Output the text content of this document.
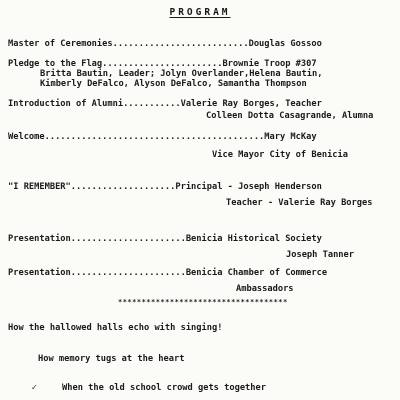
PROGRAM
Master of Ceremonies..........................Douglas Gossoo
Pledge to the Flag.......................Brownie Troop #307
Britta Bautin, Leader; Jolyn Overlander,Helena Bautin,
Kimberly DeFalco, Alyson DeFalco, Samantha Thompson
Introduction of Alumni...........Valerie Ray Borges, Teacher
Colleen Dotta Casagrande, Alumna
Welcome..........................................Mary McKay
Vice Mayor City of Benicia
"I REMEMBER"....................Principal - Joseph Henderson
Teacher - Valerie Ray Borges
Presentation......................Benicia Historical Society
Joseph Tanner
Presentation......................Benicia Chamber of Commerce
Ambassadors
************************************
How the hallowed halls echo with singing!
How memory tugs at the heart
✓	When the old school crowd gets together
